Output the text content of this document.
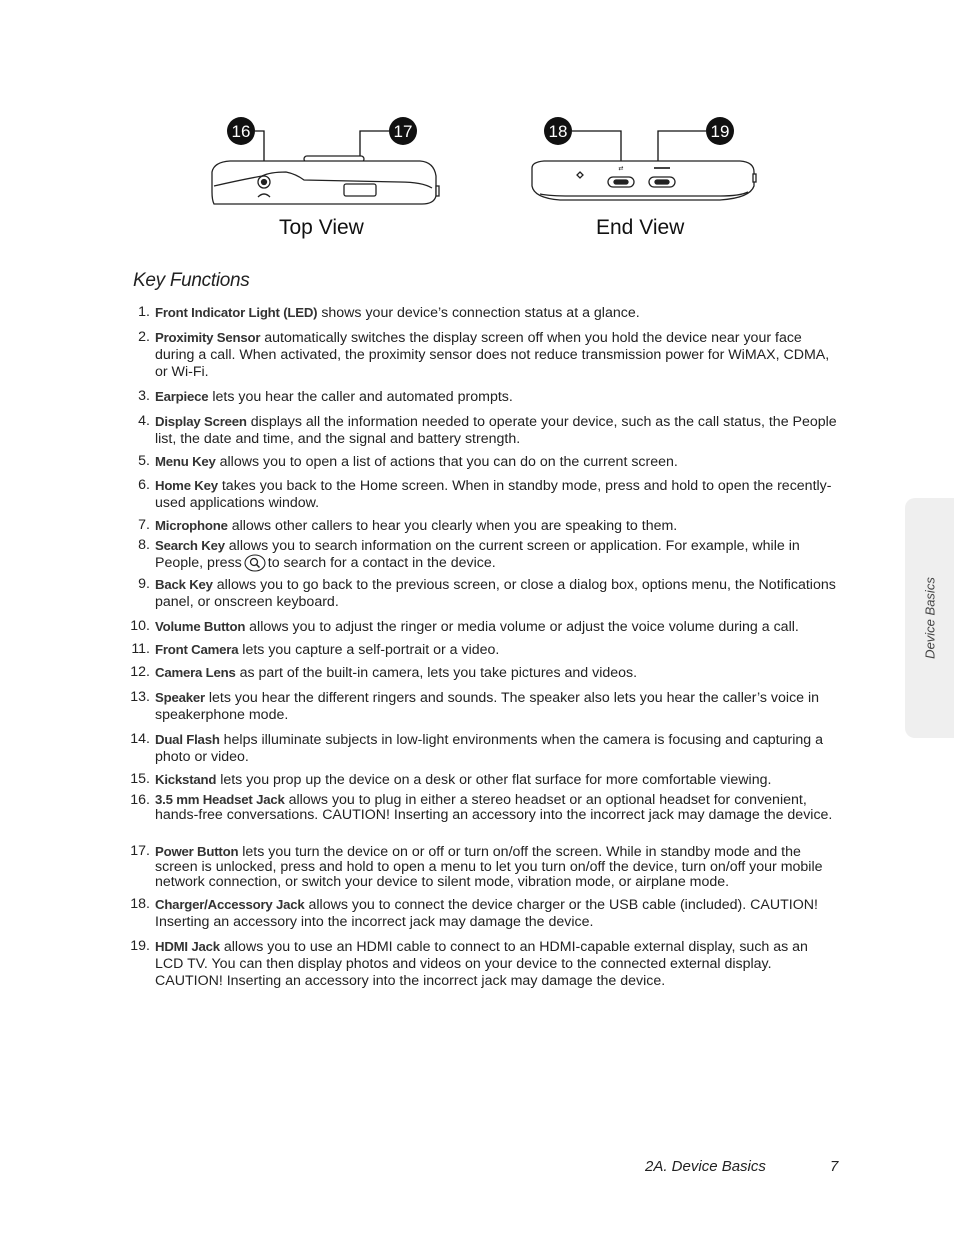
16	17	18	19
⇄
Top View	End View
Key Functions
1. Front Indicator Light (LED) shows your device’s connection status at a glance.
2. Proximity Sensor automatically switches the display screen off when you hold the device near your face during a call. When activated, the proximity sensor does not reduce transmission power for WiMAX, CDMA, or Wi-Fi.
3. Earpiece lets you hear the caller and automated prompts.
4. Display Screen displays all the information needed to operate your device, such as the call status, the People list, the date and time, and the signal and battery strength.
5. Menu Key allows you to open a list of actions that you can do on the current screen.
6. Home Key takes you back to the Home screen. When in standby mode, press and hold to open the recently-used applications window.
7. Microphone allows other callers to hear you clearly when you are speaking to them.
8. Search Key allows you to search information on the current screen or application. For example, while in People, press to search for a contact in the device.
9. Back Key allows you to go back to the previous screen, or close a dialog box, options menu, the Notifications panel, or onscreen keyboard.
10. Volume Button allows you to adjust the ringer or media volume or adjust the voice volume during a call.
11. Front Camera lets you capture a self-portrait or a video.
12. Camera Lens as part of the built-in camera, lets you take pictures and videos.
13. Speaker lets you hear the different ringers and sounds. The speaker also lets you hear the caller’s voice in speakerphone mode.
14. Dual Flash helps illuminate subjects in low-light environments when the camera is focusing and capturing a photo or video.
15. Kickstand lets you prop up the device on a desk or other flat surface for more comfortable viewing.
16. 3.5 mm Headset Jack allows you to plug in either a stereo headset or an optional headset for convenient, hands-free conversations. CAUTION! Inserting an accessory into the incorrect jack may damage the device.
17. Power Button lets you turn the device on or off or turn on/off the screen. While in standby mode and the screen is unlocked, press and hold to open a menu to let you turn on/off the device, turn on/off your mobile network connection, or switch your device to silent mode, vibration mode, or airplane mode.
18. Charger/Accessory Jack allows you to connect the device charger or the USB cable (included). CAUTION! Inserting an accessory into the incorrect jack may damage the device.
19. HDMI Jack allows you to use an HDMI cable to connect to an HDMI-capable external display, such as an LCD TV. You can then display photos and videos on your device to the connected external display. CAUTION! Inserting an accessory into the incorrect jack may damage the device.
Device Basics
2A. Device Basics	7
